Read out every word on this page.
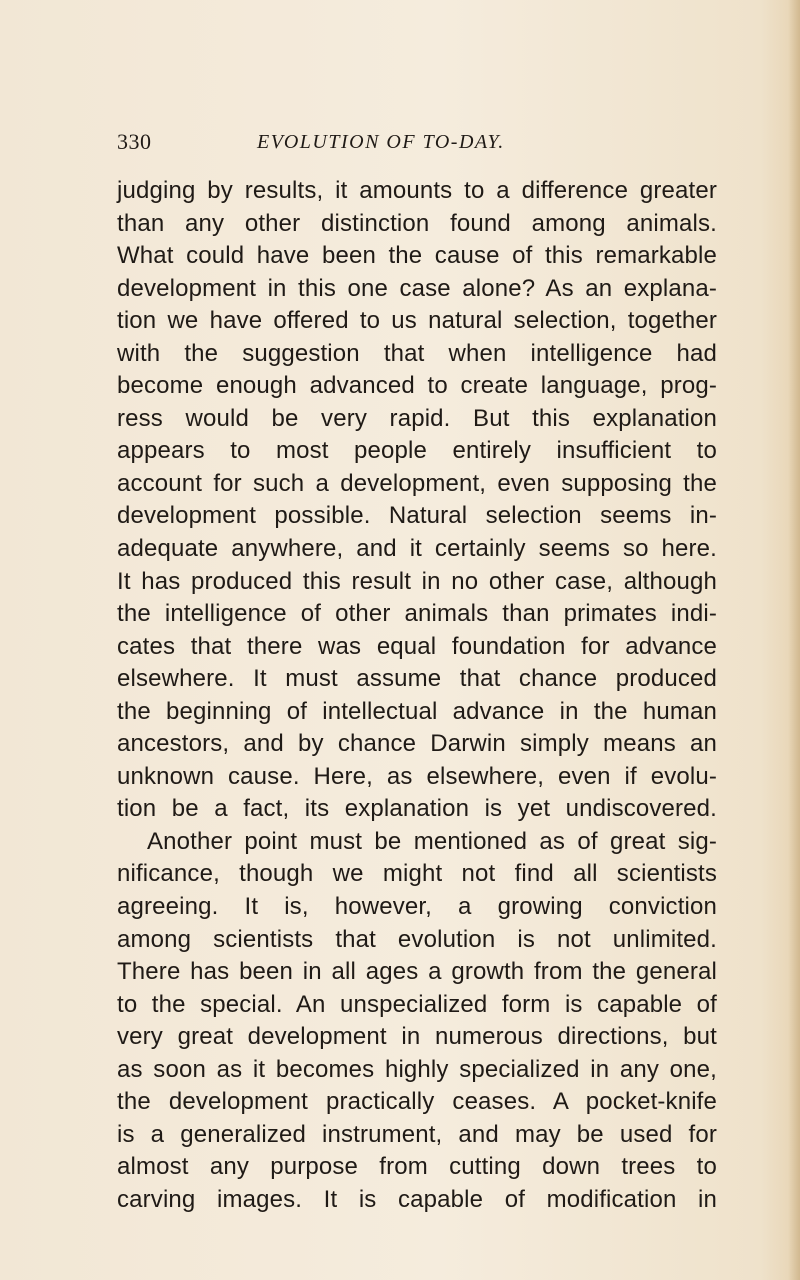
330	EVOLUTION OF TO-DAY.
judging by results, it amounts to a difference greater
than any other distinction found among animals.
What could have been the cause of this remarkable
development in this one case alone? As an explana-
tion we have offered to us natural selection, together
with the suggestion that when intelligence had
become enough advanced to create language, prog-
ress would be very rapid. But this explanation
appears to most people entirely insufficient to
account for such a development, even supposing the
development possible. Natural selection seems in-
adequate anywhere, and it certainly seems so here.
It has produced this result in no other case, although
the intelligence of other animals than primates indi-
cates that there was equal foundation for advance
elsewhere. It must assume that chance produced
the beginning of intellectual advance in the human
ancestors, and by chance Darwin simply means an
unknown cause. Here, as elsewhere, even if evolu-
tion be a fact, its explanation is yet undiscovered.
Another point must be mentioned as of great sig-
nificance, though we might not find all scientists
agreeing. It is, however, a growing conviction
among scientists that evolution is not unlimited.
There has been in all ages a growth from the general
to the special. An unspecialized form is capable of
very great development in numerous directions, but
as soon as it becomes highly specialized in any one,
the development practically ceases. A pocket-knife
is a generalized instrument, and may be used for
almost any purpose from cutting down trees to
carving images. It is capable of modification in
